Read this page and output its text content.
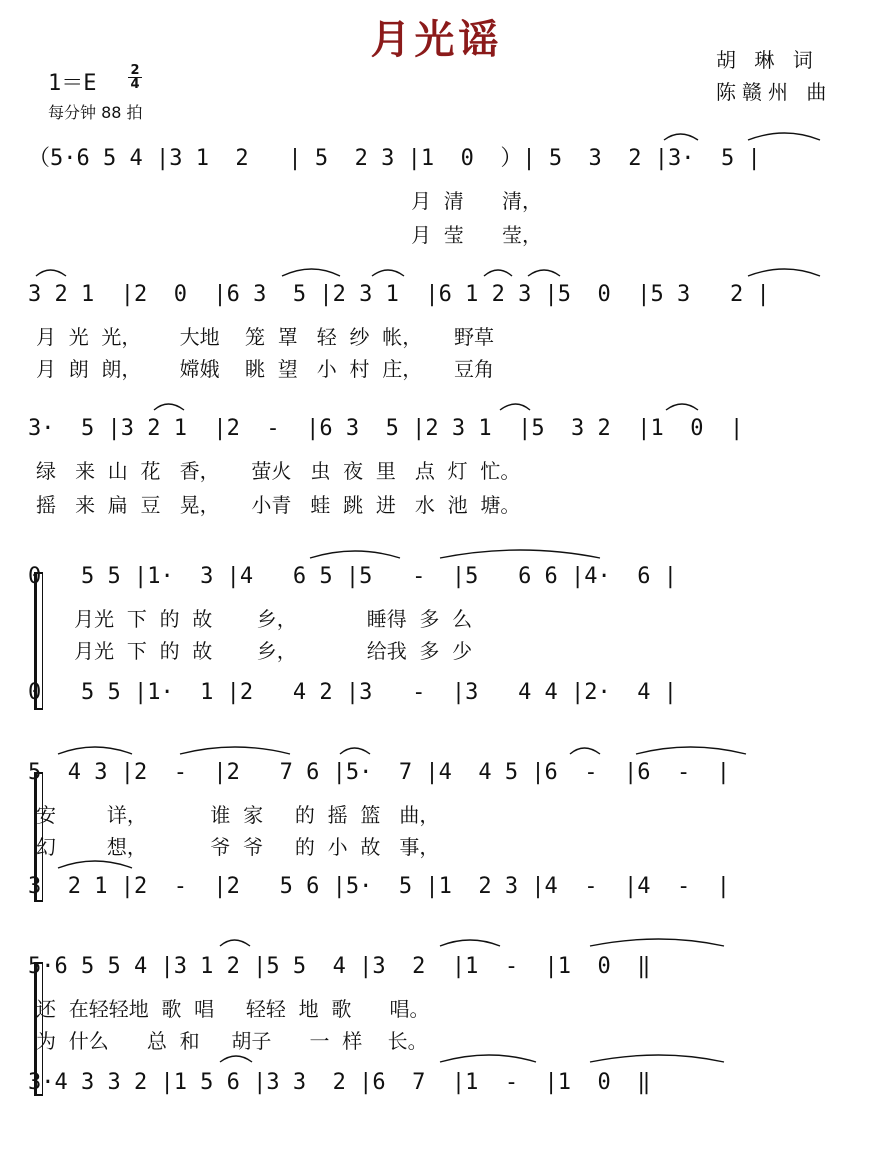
月光谣	胡 琳 词
陈赣州 曲
1＝E
2
4
每分钟 88 拍
（5·6 5 4 |3 1  2   | 5  2 3 |1  0  ）| 5  3  2 |3·  5 |
月  清      清，
月  莹      莹，
3 2 1  |2  0  |6 3  5 |2 3 1  |6 1 2 3 |5  0  |5 3   2 |
月  光  光，      大地    笼  罩   轻  纱  帐，     野草
月  朗  朗，      嫦娥    眺  望   小  村  庄，     豆角
3·  5 |3 2 1  |2  -  |6 3  5 |2 3 1  |5  3 2  |1  0  |
绿   来  山  花   香，     萤火   虫  夜  里   点  灯  忙。
摇   来  扁  豆   晃，     小青   蛙  跳  进   水  池  塘。
0   5 5 |1·  3 |4   6 5 |5   -  |5   6 6 |4·  6 |
月光  下  的  故       乡，           睡得  多  么
月光  下  的  故       乡，           给我  多  少
0   5 5 |1·  1 |2   4 2 |3   -  |3   4 4 |2·  4 |
5  4 3 |2  -  |2   7 6 |5·  7 |4  4 5 |6  -  |6  -  |
安        详，          谁  家     的  摇  篮   曲，
幻        想，          爷  爷     的  小  故   事，
3  2 1 |2  -  |2   5 6 |5·  5 |1  2 3 |4  -  |4  -  |
5·6 5 5 4 |3 1 2 |5 5  4 |3  2  |1  -  |1  0  ‖
还  在轻轻地  歌  唱     轻轻  地  歌      唱。
为  什么      总  和     胡子      一  样    长。
3·4 3 3 2 |1 5 6 |3 3  2 |6  7  |1  -  |1  0  ‖
